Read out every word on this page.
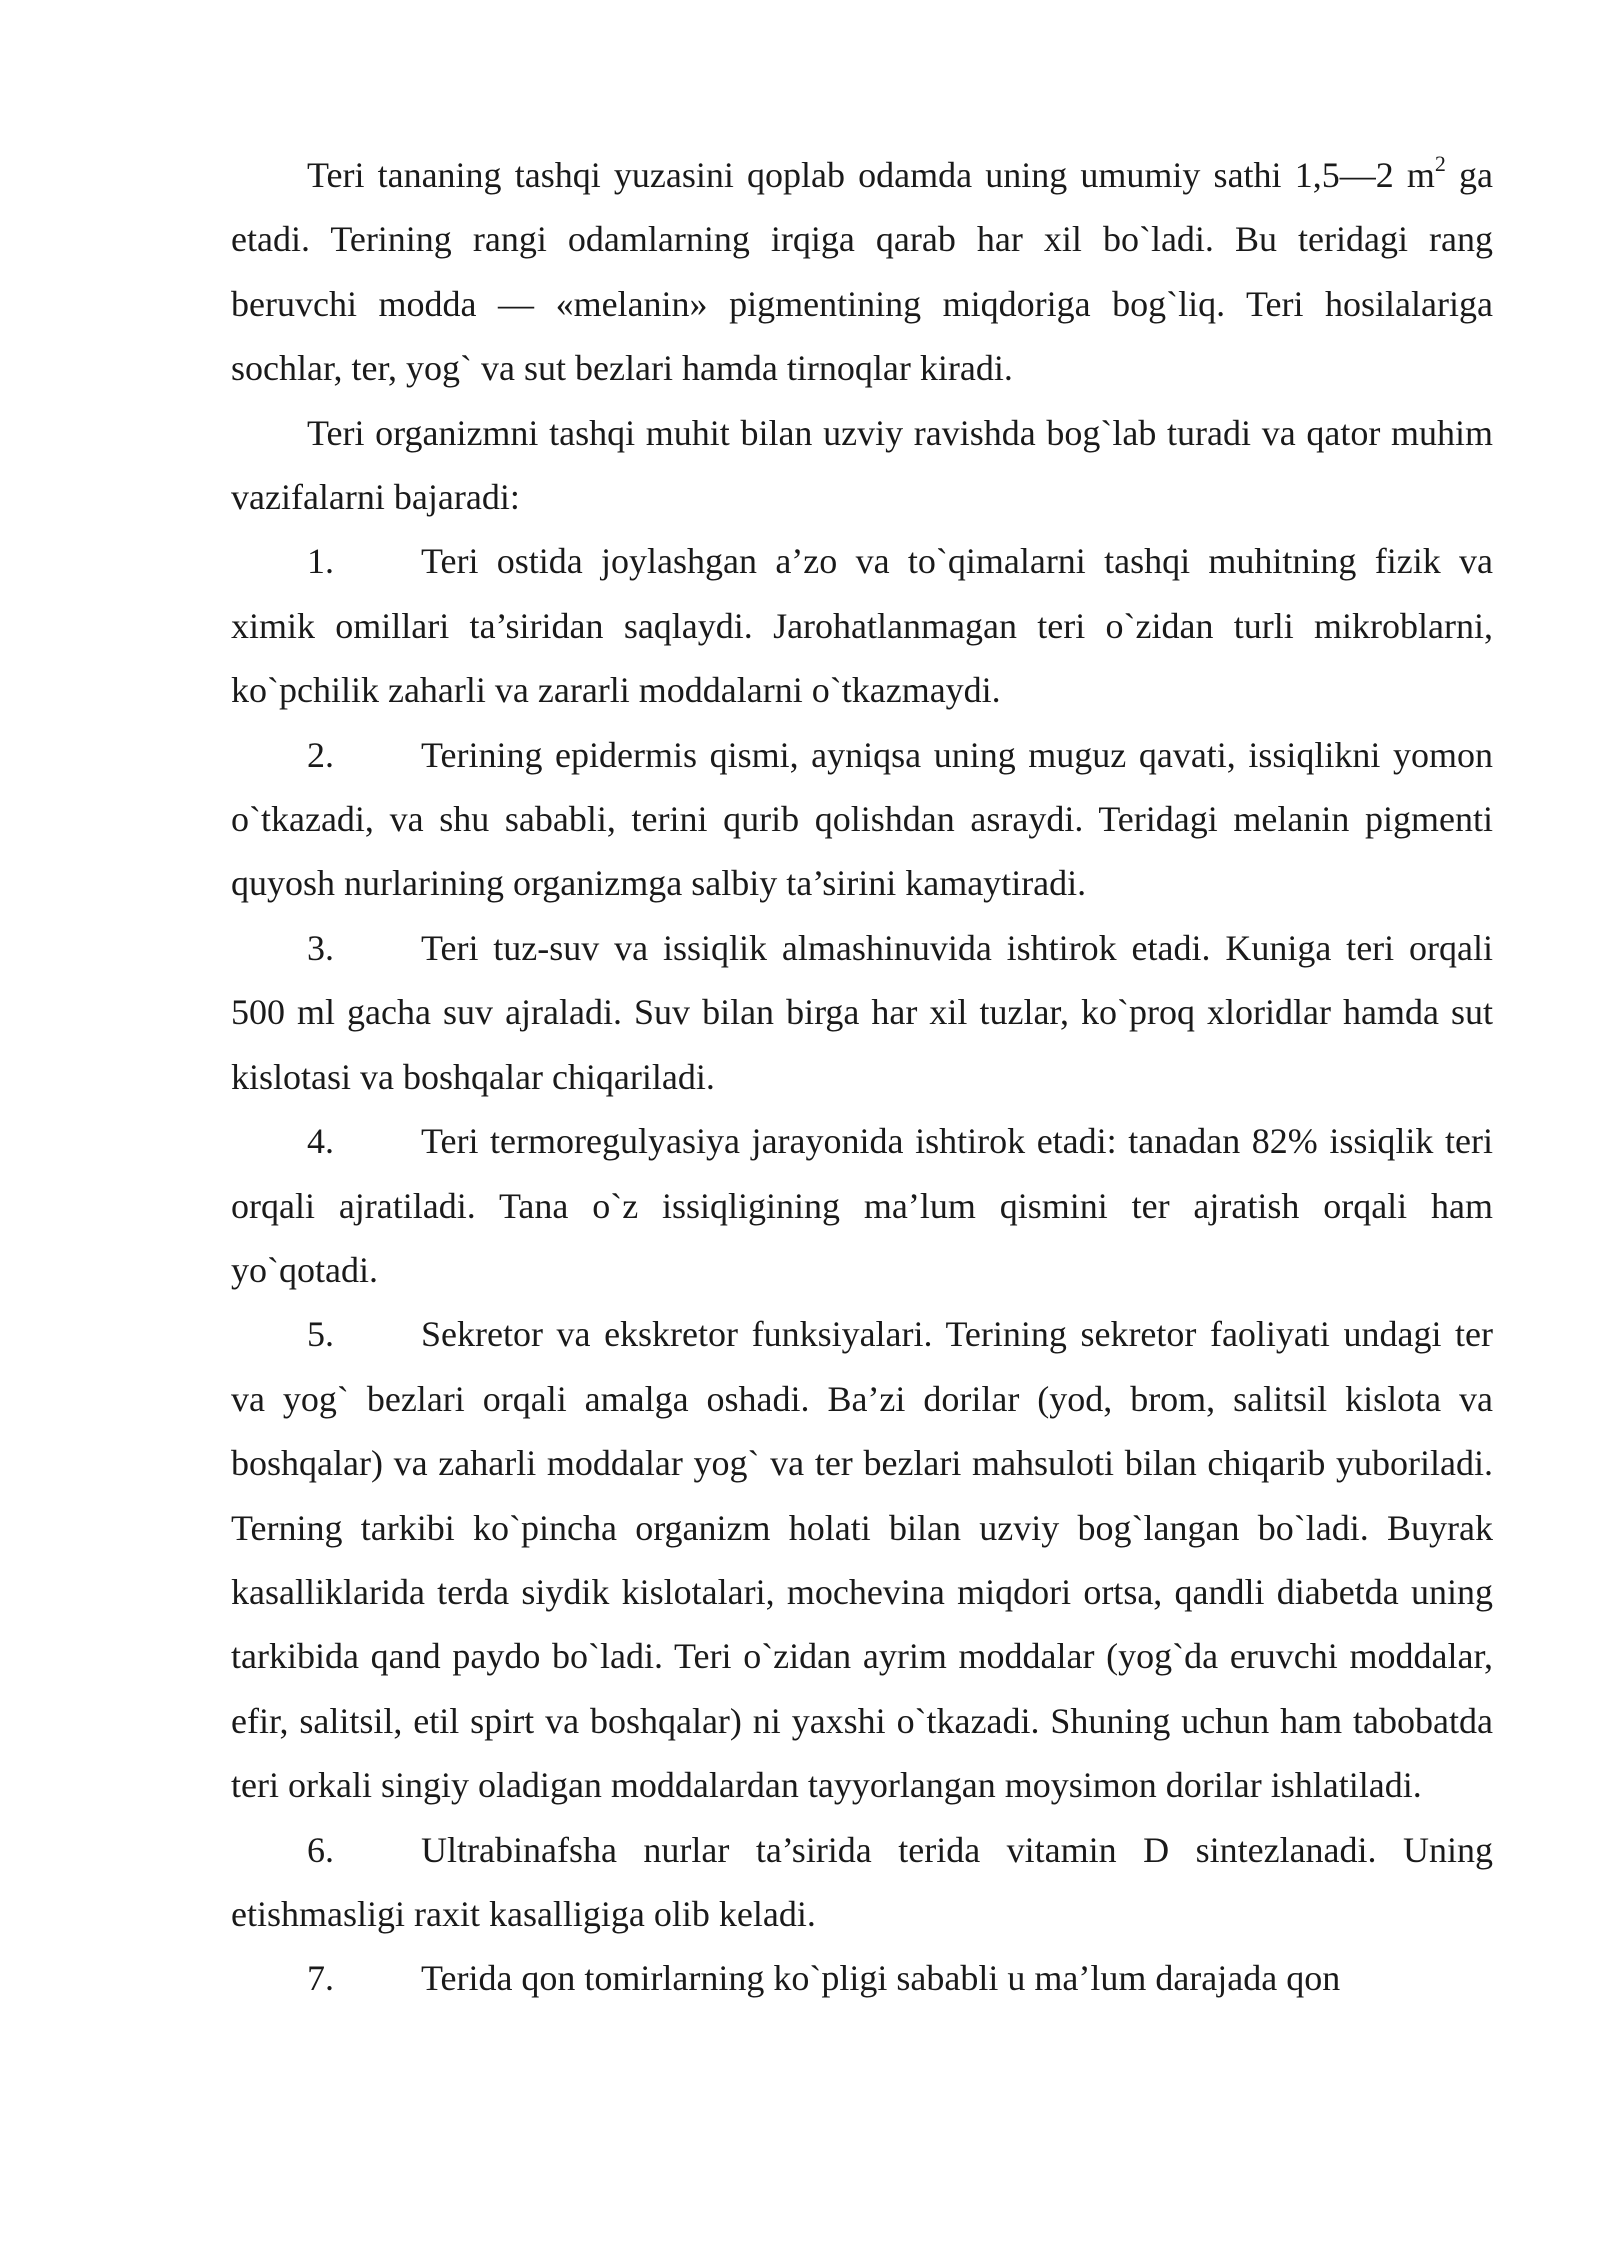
Teri tananing tashqi yuzasini qoplab odamda uning umumiy sathi 1,5—2 $m^2$ ga etadi. Terining rangi odamlarning irqiga qarab har xil bo`ladi. Bu teridagi rang beruvchi modda — «melanin» pigmentining miqdoriga bog`liq. Teri hosilalariga sochlar, ter, yog` va sut bezlari hamda tirnoqlar kiradi.

Teri organizmni tashqi muhit bilan uzviy ravishda bog`lab turadi va qator muhim vazifalarni bajaradi:

1. Teri ostida joylashgan a’zo va to`qimalarni tashqi muhitning fizik va ximik omillari ta’siridan saqlaydi. Jarohatlanmagan teri o`zidan turli mikroblarni, ko`pchilik zaharli va zararli moddalarni o`tkazmaydi.

2. Terining epidermis qismi, ayniqsa uning muguz qavati, issiqlikni yomon o`tkazadi, va shu sababli, terini qurib qolishdan asraydi. Teridagi melanin pigmenti quyosh nurlarining organizmga salbiy ta’sirini kamaytiradi.

3. Teri tuz-suv va issiqlik almashinuvida ishtirok etadi. Kuniga teri orqali 500 ml gacha suv ajraladi. Suv bilan birga har xil tuzlar, ko`proq xloridlar hamda sut kislotasi va boshqalar chiqariladi.

4. Teri termoregulyasiya jarayonida ishtirok etadi: tanadan 82% issiqlik teri orqali ajratiladi. Tana o`z issiqligining ma’lum qismini ter ajratish orqali ham yo`qotadi.

5. Sekretor va ekskretor funksiyalari. Terining sekretor faoliyati undagi ter va yog` bezlari orqali amalga oshadi. Ba’zi dorilar (yod, brom, salitsil kislota va boshqalar) va zaharli moddalar yog` va ter bezlari mahsuloti bilan chiqarib yuboriladi. Terning tarkibi ko`pincha organizm holati bilan uzviy bog`langan bo`ladi. Buyrak kasalliklarida terda siydik kislotalari, mochevina miqdori ortsa, qandli diabetda uning tarkibida qand paydo bo`ladi. Teri o`zidan ayrim moddalar (yog`da eruvchi moddalar, efir, salitsil, etil spirt va boshqalar) ni yaxshi o`tkazadi. Shuning uchun ham tabobatda teri orkali singiy oladigan moddalardan tayyorlangan moysimon dorilar ishlatiladi.

6. Ultrabinafsha nurlar ta’sirida terida vitamin D sintezlanadi. Uning etishmasligi raxit kasalligiga olib keladi.

7. Terida qon tomirlarning ko`pligi sababli u ma’lum darajada qon
